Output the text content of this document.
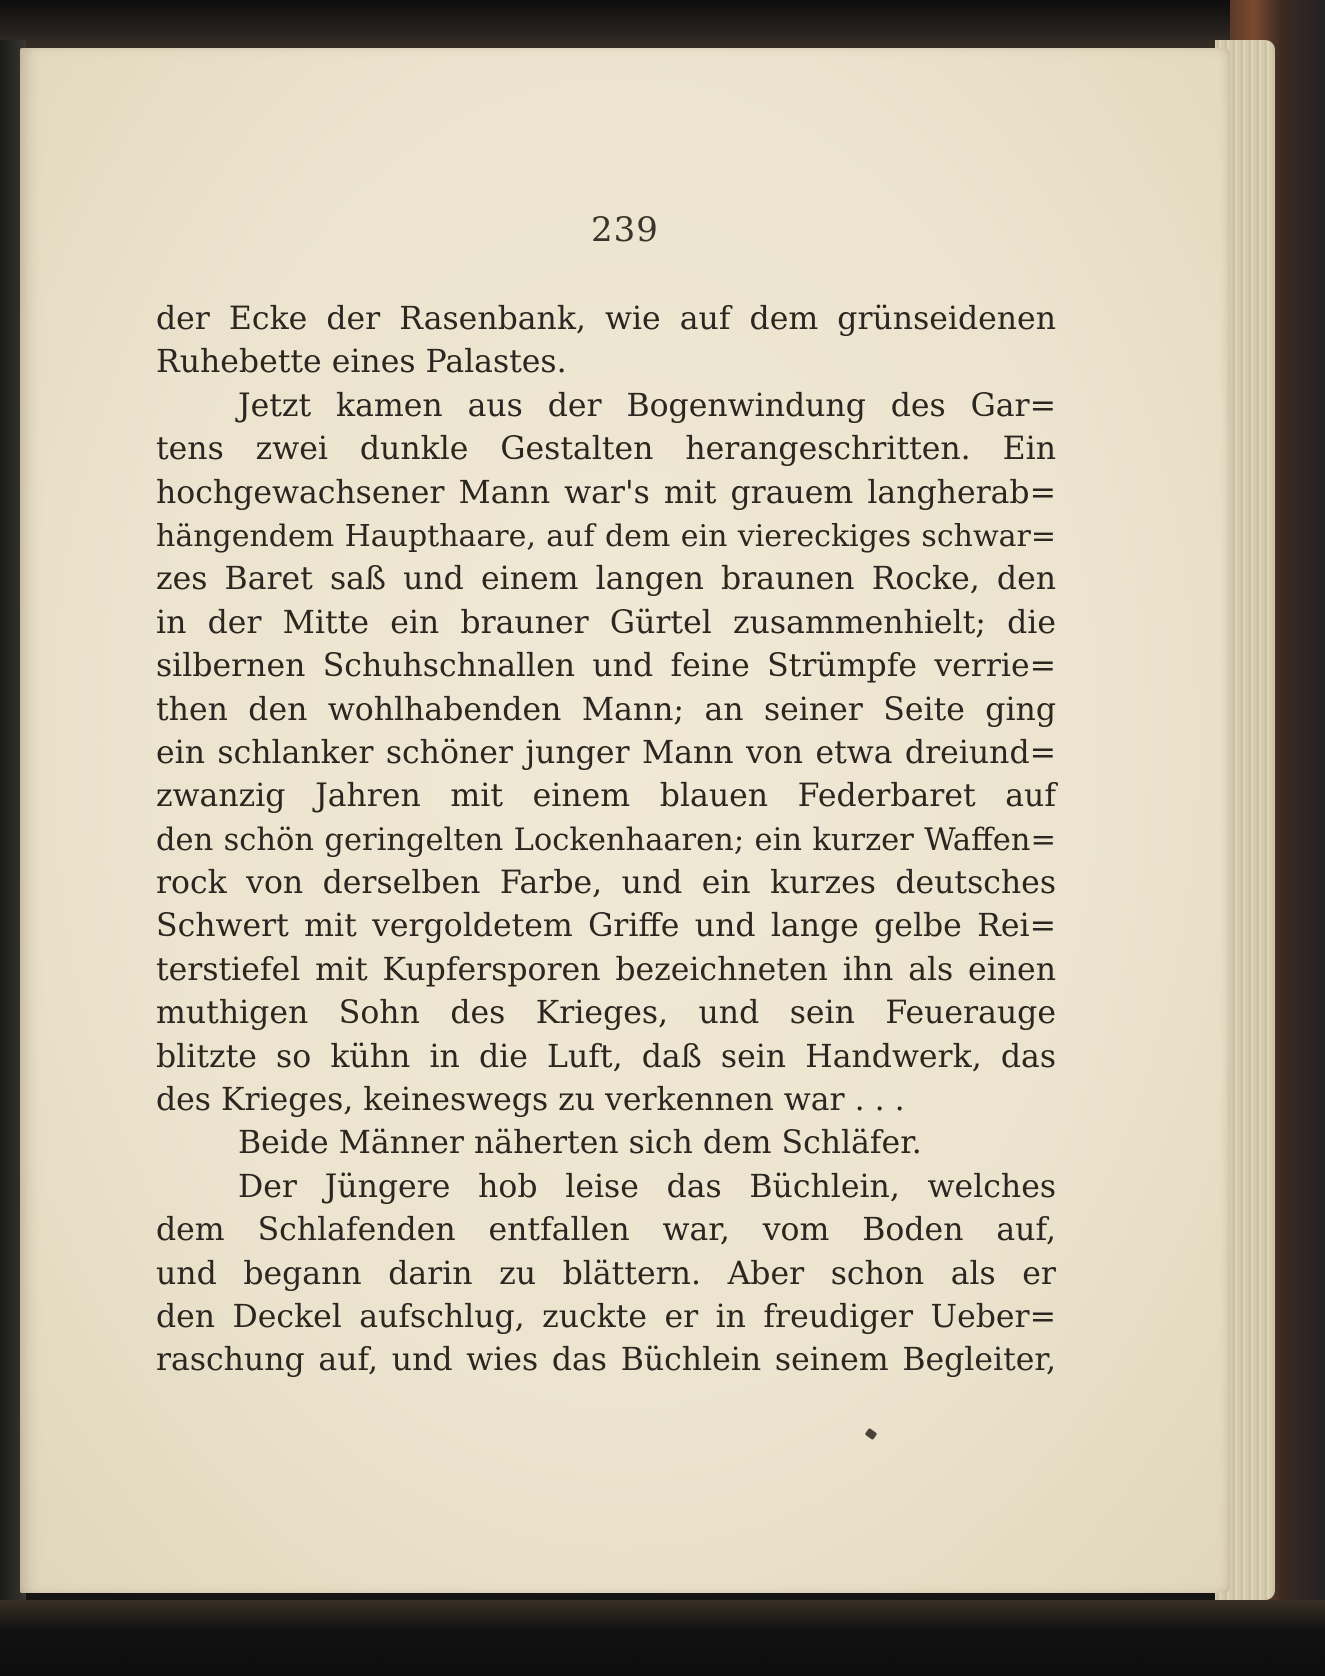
239
der Ecke der Rasenbank, wie auf dem grünseidenen
Ruhebette eines Palastes.
Jetzt kamen aus der Bogenwindung des Gar=
tens zwei dunkle Gestalten herangeschritten. Ein
hochgewachsener Mann war's mit grauem langherab=
hängendem Haupthaare, auf dem ein viereckiges schwar=
zes Baret saß und einem langen braunen Rocke, den
in der Mitte ein brauner Gürtel zusammenhielt; die
silbernen Schuhschnallen und feine Strümpfe verrie=
then den wohlhabenden Mann; an seiner Seite ging
ein schlanker schöner junger Mann von etwa dreiund=
zwanzig Jahren mit einem blauen Federbaret auf
den schön geringelten Lockenhaaren; ein kurzer Waffen=
rock von derselben Farbe, und ein kurzes deutsches
Schwert mit vergoldetem Griffe und lange gelbe Rei=
terstiefel mit Kupfersporen bezeichneten ihn als einen
muthigen Sohn des Krieges, und sein Feuerauge
blitzte so kühn in die Luft, daß sein Handwerk, das
des Krieges, keineswegs zu verkennen war . . .
Beide Männer näherten sich dem Schläfer.
Der Jüngere hob leise das Büchlein, welches
dem Schlafenden entfallen war, vom Boden auf,
und begann darin zu blättern. Aber schon als er
den Deckel aufschlug, zuckte er in freudiger Ueber=
raschung auf, und wies das Büchlein seinem Begleiter,
